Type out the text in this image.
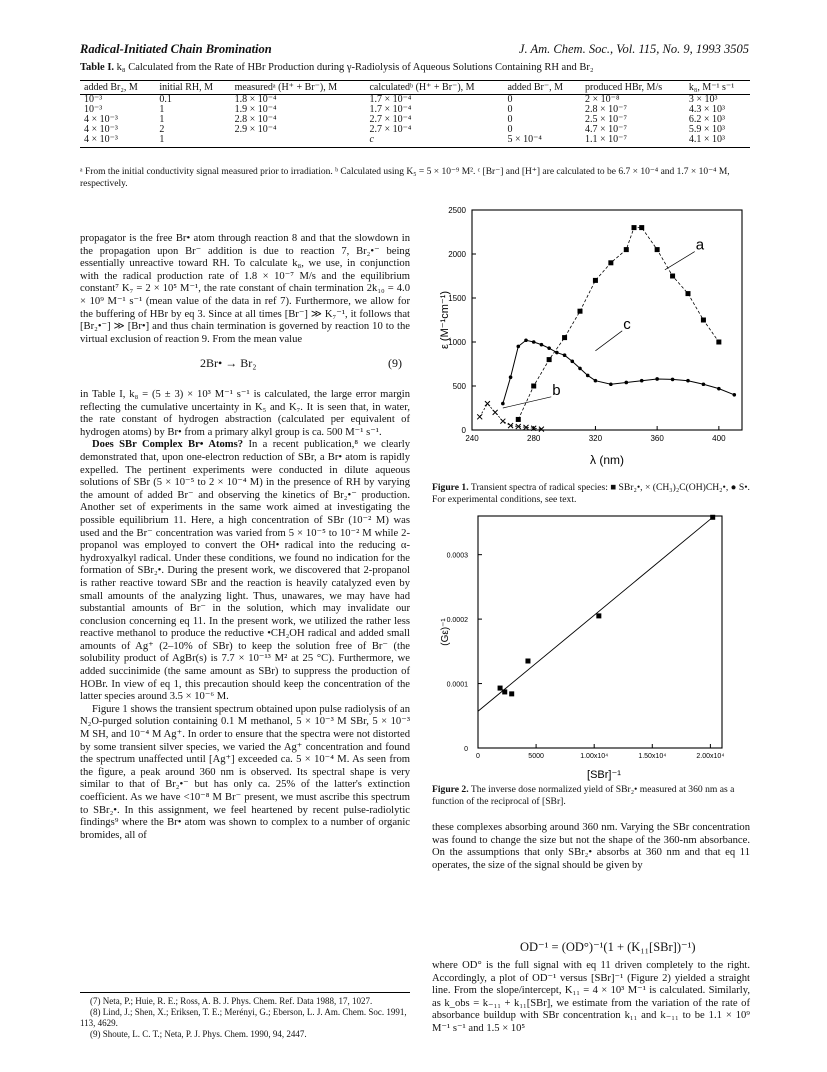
Radical-Initiated Chain Bromination	J. Am. Chem. Soc., Vol. 115, No. 9, 1993 3505
Table I. k₈ Calculated from the Rate of HBr Production during γ-Radiolysis of Aqueous Solutions Containing RH and Br₂
added Br₂, M	initial RH, M	measuredᵃ (H⁺ + Br⁻), M	calculatedᵇ (H⁺ + Br⁻), M	added Br⁻, M	produced HBr, M/s	k₈, M⁻¹ s⁻¹
10⁻³	0.1	1.8 × 10⁻⁴	1.7 × 10⁻⁴	0	2 × 10⁻⁸	3 × 10³
10⁻³	1	1.9 × 10⁻⁴	1.7 × 10⁻⁴	0	2.8 × 10⁻⁷	4.3 × 10³
4 × 10⁻³	1	2.8 × 10⁻⁴	2.7 × 10⁻⁴	0	2.5 × 10⁻⁷	6.2 × 10³
4 × 10⁻³	2	2.9 × 10⁻⁴	2.7 × 10⁻⁴	0	4.7 × 10⁻⁷	5.9 × 10³
4 × 10⁻³	1		c	5 × 10⁻⁴	1.1 × 10⁻⁷	4.1 × 10³
ᵃ From the initial conductivity signal measured prior to irradiation. ᵇ Calculated using K₅ = 5 × 10⁻⁹ M². ᶜ [Br⁻] and [H⁺] are calculated to be 6.7 × 10⁻⁴ and 1.7 × 10⁻⁴ M, respectively.

propagator is the free Br• atom through reaction 8 and that the slowdown in the propagation upon Br⁻ addition is due to reaction 7, Br₂•⁻ being essentially unreactive toward RH. To calculate k₈, we use, in conjunction with the radical production rate of 1.8 × 10⁻⁷ M/s and the equilibrium constant⁷ K₇ = 2 × 10⁵ M⁻¹, the rate constant of chain termination 2k₁₀ = 4.0 × 10⁹ M⁻¹ s⁻¹ (mean value of the data in ref 7). Furthermore, we allow for the buffering of HBr by eq 3. Since at all times [Br⁻] ≫ K₇⁻¹, it follows that [Br₂•⁻] ≫ [Br•] and thus chain termination is governed by reaction 10 to the virtual exclusion of reaction 9. From the mean value

2Br• → Br₂	(9)

in Table I, k₈ = (5 ± 3) × 10³ M⁻¹ s⁻¹ is calculated, the large error margin reflecting the cumulative uncertainty in K₅ and K₇. It is seen that, in water, the rate constant of hydrogen abstraction (calculated per equivalent of hydrogen atoms) by Br• from a primary alkyl group is ca. 500 M⁻¹ s⁻¹.

Does SBr Complex Br• Atoms? In a recent publication,⁸ we clearly demonstrated that, upon one-electron reduction of SBr, a Br• atom is rapidly expelled. The pertinent experiments were conducted in dilute aqueous solutions of SBr (5 × 10⁻⁵ to 2 × 10⁻⁴ M) in the presence of RH by varying the amount of added Br⁻ and observing the kinetics of Br₂•⁻ production. Another set of experiments in the same work aimed at investigating the possible equilibrium 11. Here, a high concentration of SBr (10⁻² M) was used and the Br⁻ concentration was varied from 5 × 10⁻⁵ to 10⁻² M while 2-propanol was employed to convert the OH• radical into the reducing α-hydroxyalkyl radical. Under these conditions, we found no indication for the formation of SBr₂•. During the present work, we discovered that 2-propanol is rather reactive toward SBr and the reaction is heavily catalyzed even by small amounts of the analyzing light. Thus, unawares, we may have had substantial amounts of Br⁻ in the solution, which may invalidate our conclusion concerning eq 11. In the present work, we utilized the rather less reactive methanol to produce the reductive •CH₂OH radical and added small amounts of Ag⁺ (2–10% of SBr) to keep the solution free of Br⁻ (the solubility product of AgBr(s) is 7.7 × 10⁻¹³ M² at 25 °C). Furthermore, we added succinimide (the same amount as SBr) to suppress the production of HOBr. In view of eq 1, this precaution should keep the concentration of the latter species around 3.5 × 10⁻⁶ M.

Figure 1 shows the transient spectrum obtained upon pulse radiolysis of an N₂O-purged solution containing 0.1 M methanol, 5 × 10⁻³ M SBr, 5 × 10⁻³ M SH, and 10⁻⁴ M Ag⁺. In order to ensure that the spectra were not distorted by some transient silver species, we varied the Ag⁺ concentration and found the spectrum unaffected until [Ag⁺] exceeded ca. 5 × 10⁻⁴ M. As seen from the figure, a peak around 360 nm is observed. Its spectral shape is very similar to that of Br₂•⁻ but has only ca. 25% of the latter's extinction coefficient. As we have <10⁻⁸ M Br⁻ present, we must ascribe this spectrum to SBr₂•. In this assignment, we feel heartened by recent pulse-radiolytic findings⁹ where the Br• atom was shown to complex to a number of organic bromides, all of

(7) Neta, P.; Huie, R. E.; Ross, A. B. J. Phys. Chem. Ref. Data 1988, 17, 1027.
(8) Lind, J.; Shen, X.; Eriksen, T. E.; Merényi, G.; Eberson, L. J. Am. Chem. Soc. 1991, 113, 4629.
(9) Shoute, L. C. T.; Neta, P. J. Phys. Chem. 1990, 94, 2447.
240	280	320	360	400
0
500
1000
1500
2000
2500
λ (nm)
ε (M⁻¹cm⁻¹)
a
b
c
Figure 1. Transient spectra of radical species: ■ SBr₂•, × (CH₃)₂C(OH)CH₂•, ● S•. For experimental conditions, see text.
0	5000	1.00x10⁴	1.50x10⁴	2.00x10⁴
0
0.0001
0.0002
0.0003
[SBr]⁻¹
(Gε)⁻¹
Figure 2. The inverse dose normalized yield of SBr₂• measured at 360 nm as a function of the reciprocal of [SBr].

these complexes absorbing around 360 nm. Varying the SBr concentration was found to change the size but not the shape of the 360-nm absorbance. On the assumptions that only SBr₂• absorbs at 360 nm and that eq 11 operates, the size of the signal should be given by

OD⁻¹ = (OD°)⁻¹(1 + (K₁₁[SBr])⁻¹)

where OD° is the full signal with eq 11 driven completely to the right. Accordingly, a plot of OD⁻¹ versus [SBr]⁻¹ (Figure 2) yielded a straight line. From the slope/intercept, K₁₁ = 4 × 10³ M⁻¹ is calculated. Similarly, as k_obs = k₋₁₁ + k₁₁[SBr], we estimate from the variation of the rate of absorbance buildup with SBr concentration k₁₁ and k₋₁₁ to be 1.1 × 10⁹ M⁻¹ s⁻¹ and 1.5 × 10⁵
